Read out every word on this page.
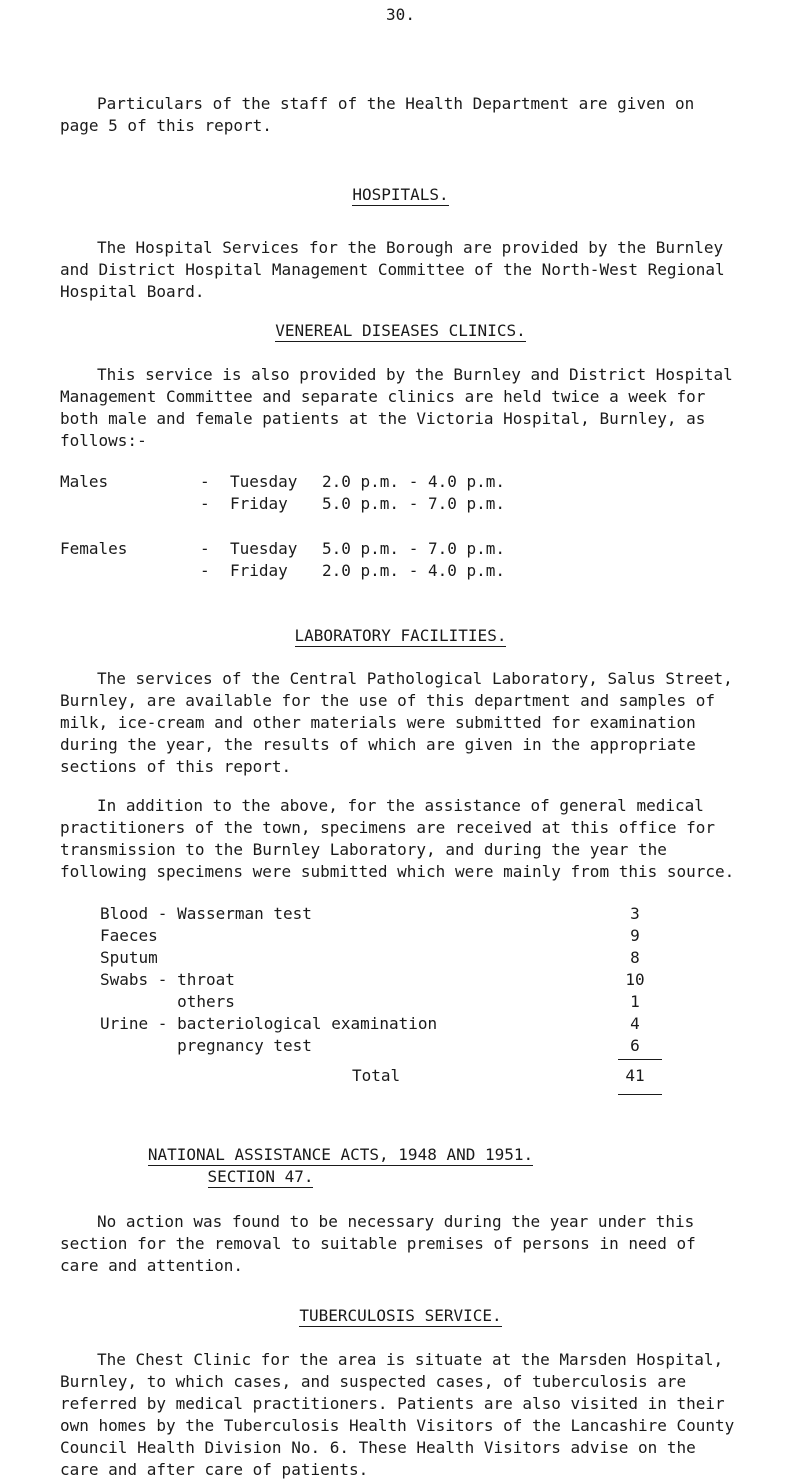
30.

Particulars of the staff of the Health Department are given on
page 5 of this report.

HOSPITALS.

The Hospital Services for the Borough are provided by the Burnley
and District Hospital Management Committee of the North-West Regional
Hospital Board.

VENEREAL DISEASES CLINICS.

This service is also provided by the Burnley and District Hospital
Management Committee and separate clinics are held twice a week for
both male and female patients at the Victoria Hospital, Burnley, as
follows:-

Males	- Tuesday 2.0 p.m. - 4.0 p.m.
- Friday 5.0 p.m. - 7.0 p.m.
Females	- Tuesday 5.0 p.m. - 7.0 p.m.
- Friday 2.0 p.m. - 4.0 p.m.
LABORATORY FACILITIES.

The services of the Central Pathological Laboratory, Salus Street,
Burnley, are available for the use of this department and samples of
milk, ice-cream and other materials were submitted for examination
during the year, the results of which are given in the appropriate
sections of this report.

In addition to the above, for the assistance of general medical
practitioners of the town, specimens are received at this office for
transmission to the Burnley Laboratory, and during the year the
following specimens were submitted which were mainly from this source.

Blood - Wasserman test	3
Faeces	9
Sputum	8
Swabs - throat	10
others	1
Urine - bacteriological examination	4
pregnancy test	6
Total	41
NATIONAL ASSISTANCE ACTS, 1948 AND 1951.
SECTION 47.

No action was found to be necessary during the year under this
section for the removal to suitable premises of persons in need of
care and attention.

TUBERCULOSIS SERVICE.

The Chest Clinic for the area is situate at the Marsden Hospital,
Burnley, to which cases, and suspected cases, of tuberculosis are
referred by medical practitioners. Patients are also visited in their
own homes by the Tuberculosis Health Visitors of the Lancashire County
Council Health Division No. 6. These Health Visitors advise on the
care and after care of patients.
